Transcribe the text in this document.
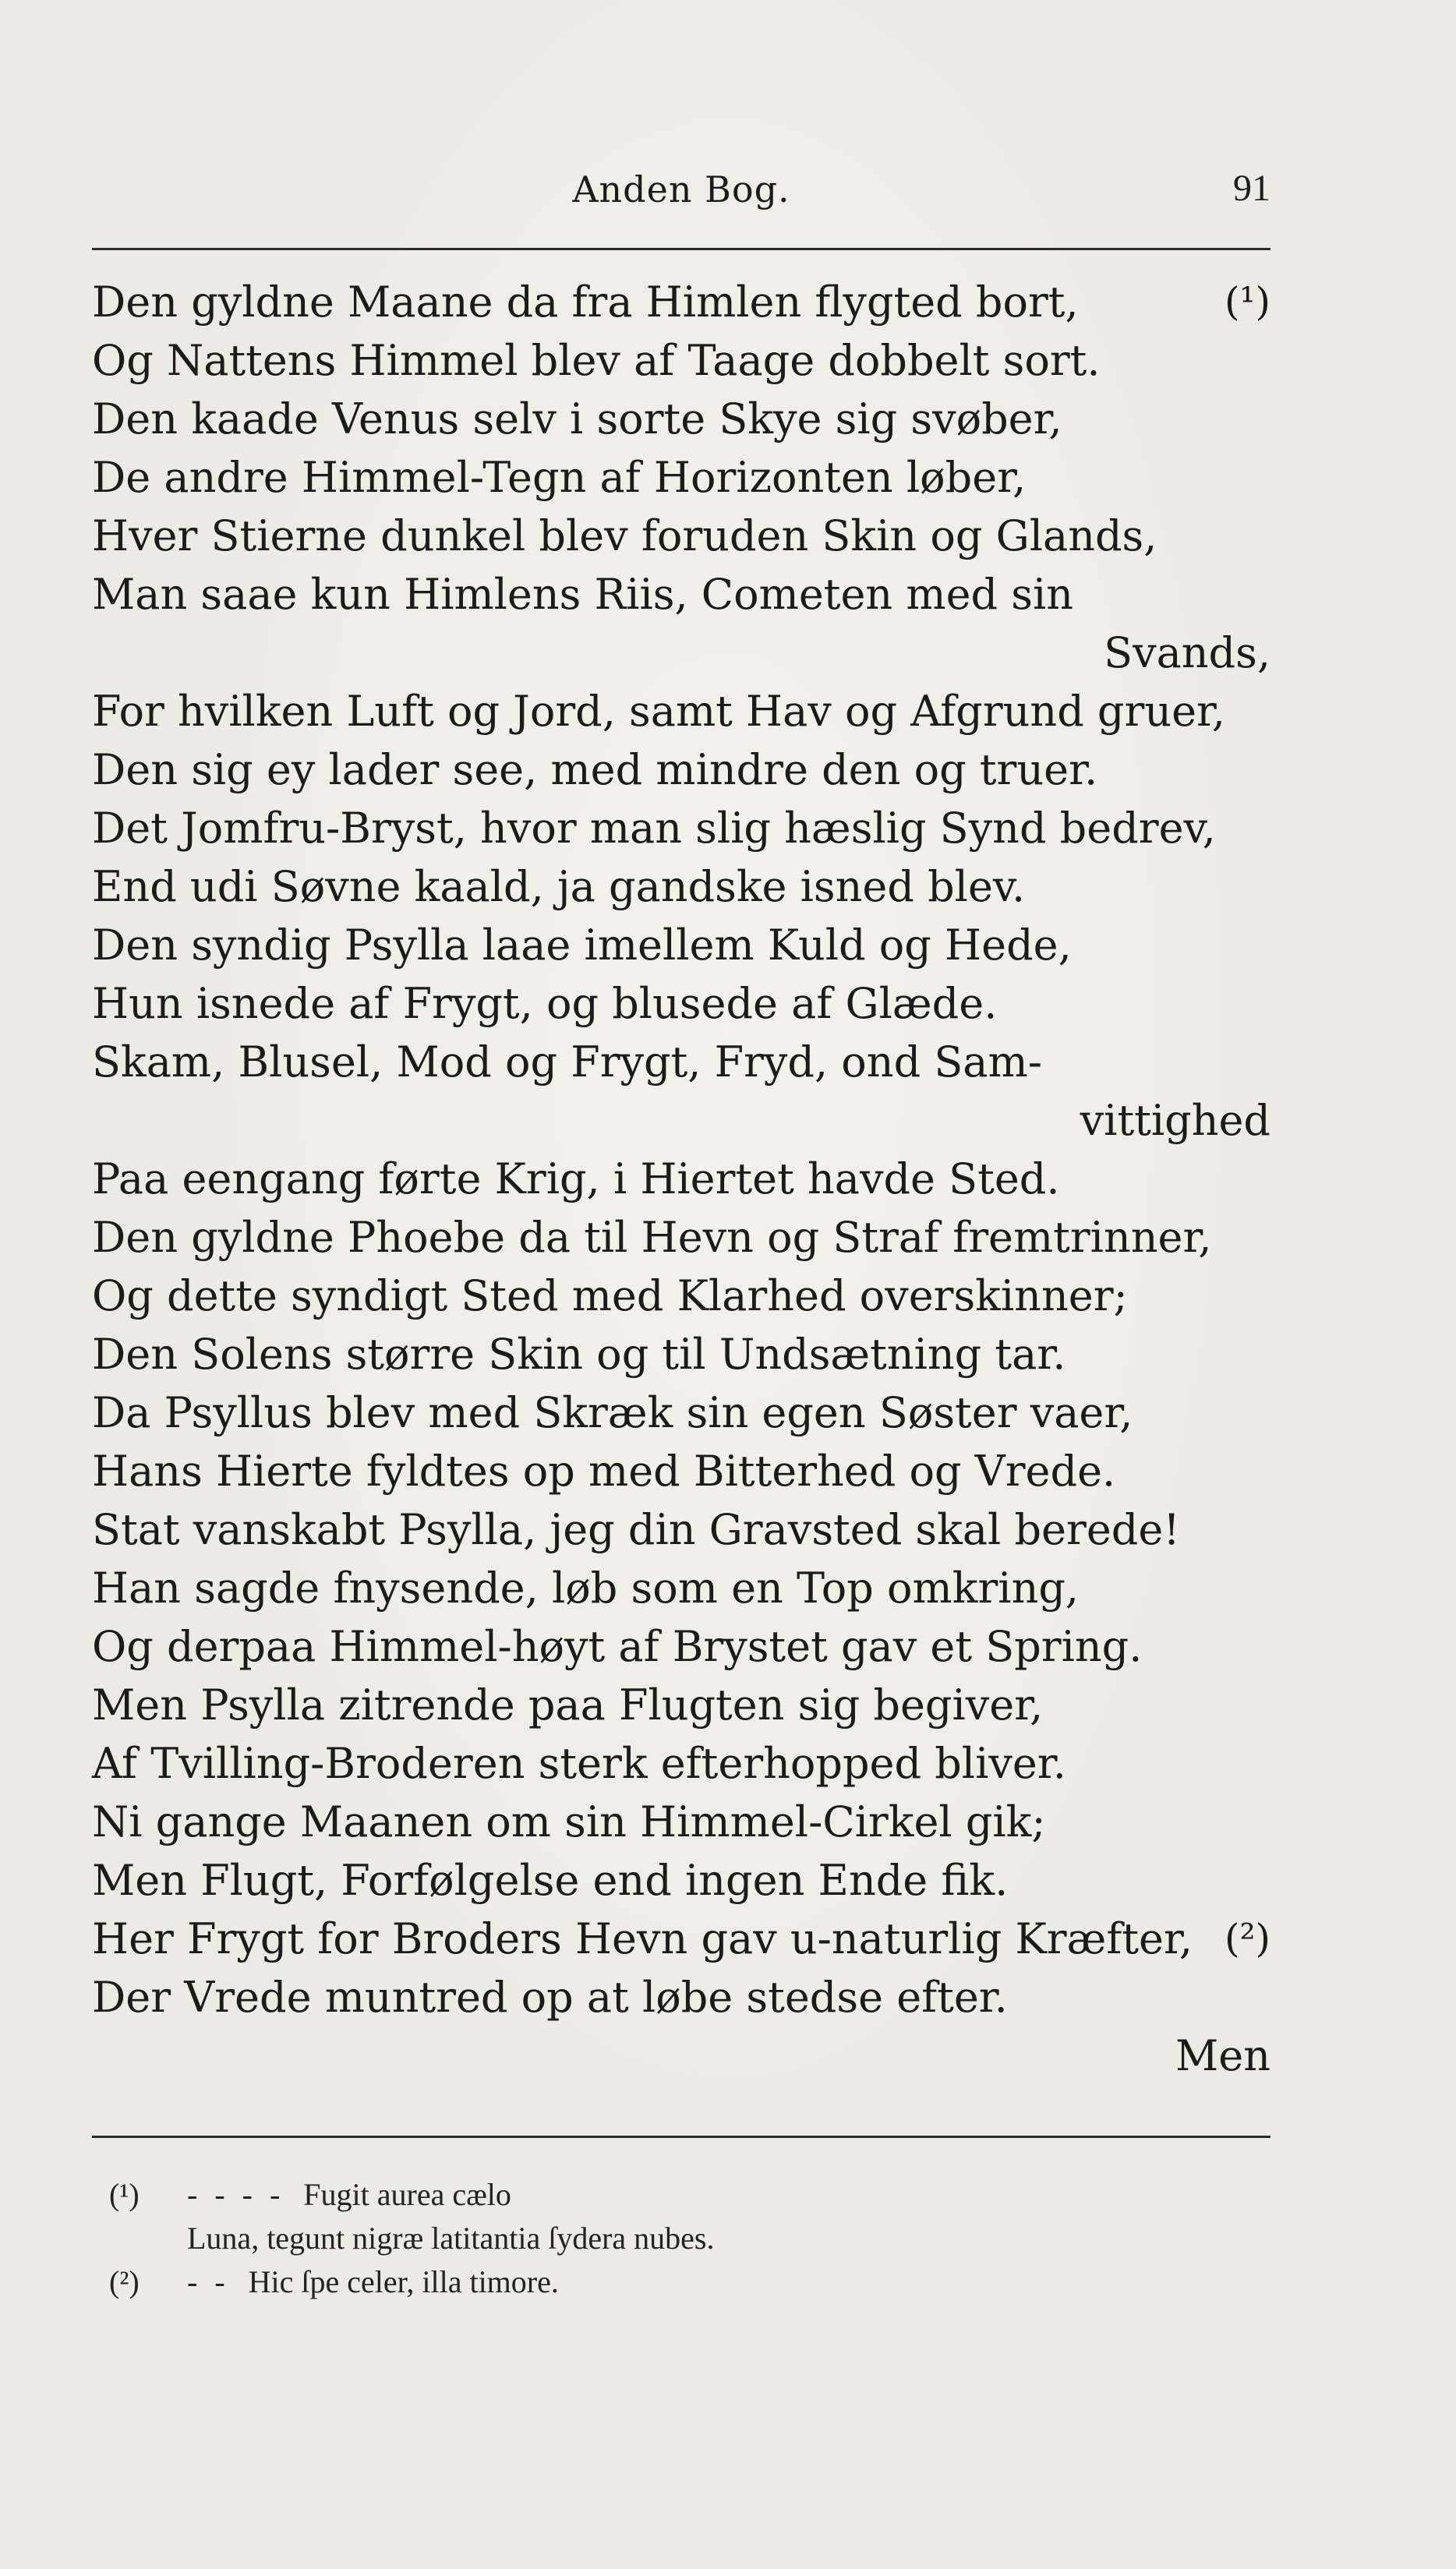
Anden Bog.	91
Den gyldne Maane da fra Himlen flygted bort,	(¹)
Og Nattens Himmel blev af Taage dobbelt sort.
Den kaade Venus selv i sorte Skye sig svøber,
De andre Himmel-Tegn af Horizonten løber,
Hver Stierne dunkel blev foruden Skin og Glands,
Man saae kun Himlens Riis, Cometen med sin
Svands,
For hvilken Luft og Jord, samt Hav og Afgrund gruer,
Den sig ey lader see, med mindre den og truer.
Det Jomfru-Bryst, hvor man slig hæslig Synd bedrev,
End udi Søvne kaald, ja gandske isned blev.
Den syndig Psylla laae imellem Kuld og Hede,
Hun isnede af Frygt, og blusede af Glæde.
Skam, Blusel, Mod og Frygt, Fryd, ond Sam-
vittighed
Paa eengang førte Krig, i Hiertet havde Sted.
Den gyldne Phoebe da til Hevn og Straf fremtrinner,
Og dette syndigt Sted med Klarhed overskinner;
Den Solens større Skin og til Undsætning tar.
Da Psyllus blev med Skræk sin egen Søster vaer,
Hans Hierte fyldtes op med Bitterhed og Vrede.
Stat vanskabt Psylla, jeg din Gravsted skal berede!
Han sagde fnysende, løb som en Top omkring,
Og derpaa Himmel-høyt af Brystet gav et Spring.
Men Psylla zitrende paa Flugten sig begiver,
Af Tvilling-Broderen sterk efterhopped bliver.
Ni gange Maanen om sin Himmel-Cirkel gik;
Men Flugt, Forfølgelse end ingen Ende fik.
Her Frygt for Broders Hevn gav u-naturlig Kræfter, (²)
Der Vrede muntred op at løbe stedse efter.
Men
(¹) - - - - Fugit aurea cælo
Luna, tegunt nigræ latitantia ſydera nubes.
(²) - - Hic ſpe celer, illa timore.
